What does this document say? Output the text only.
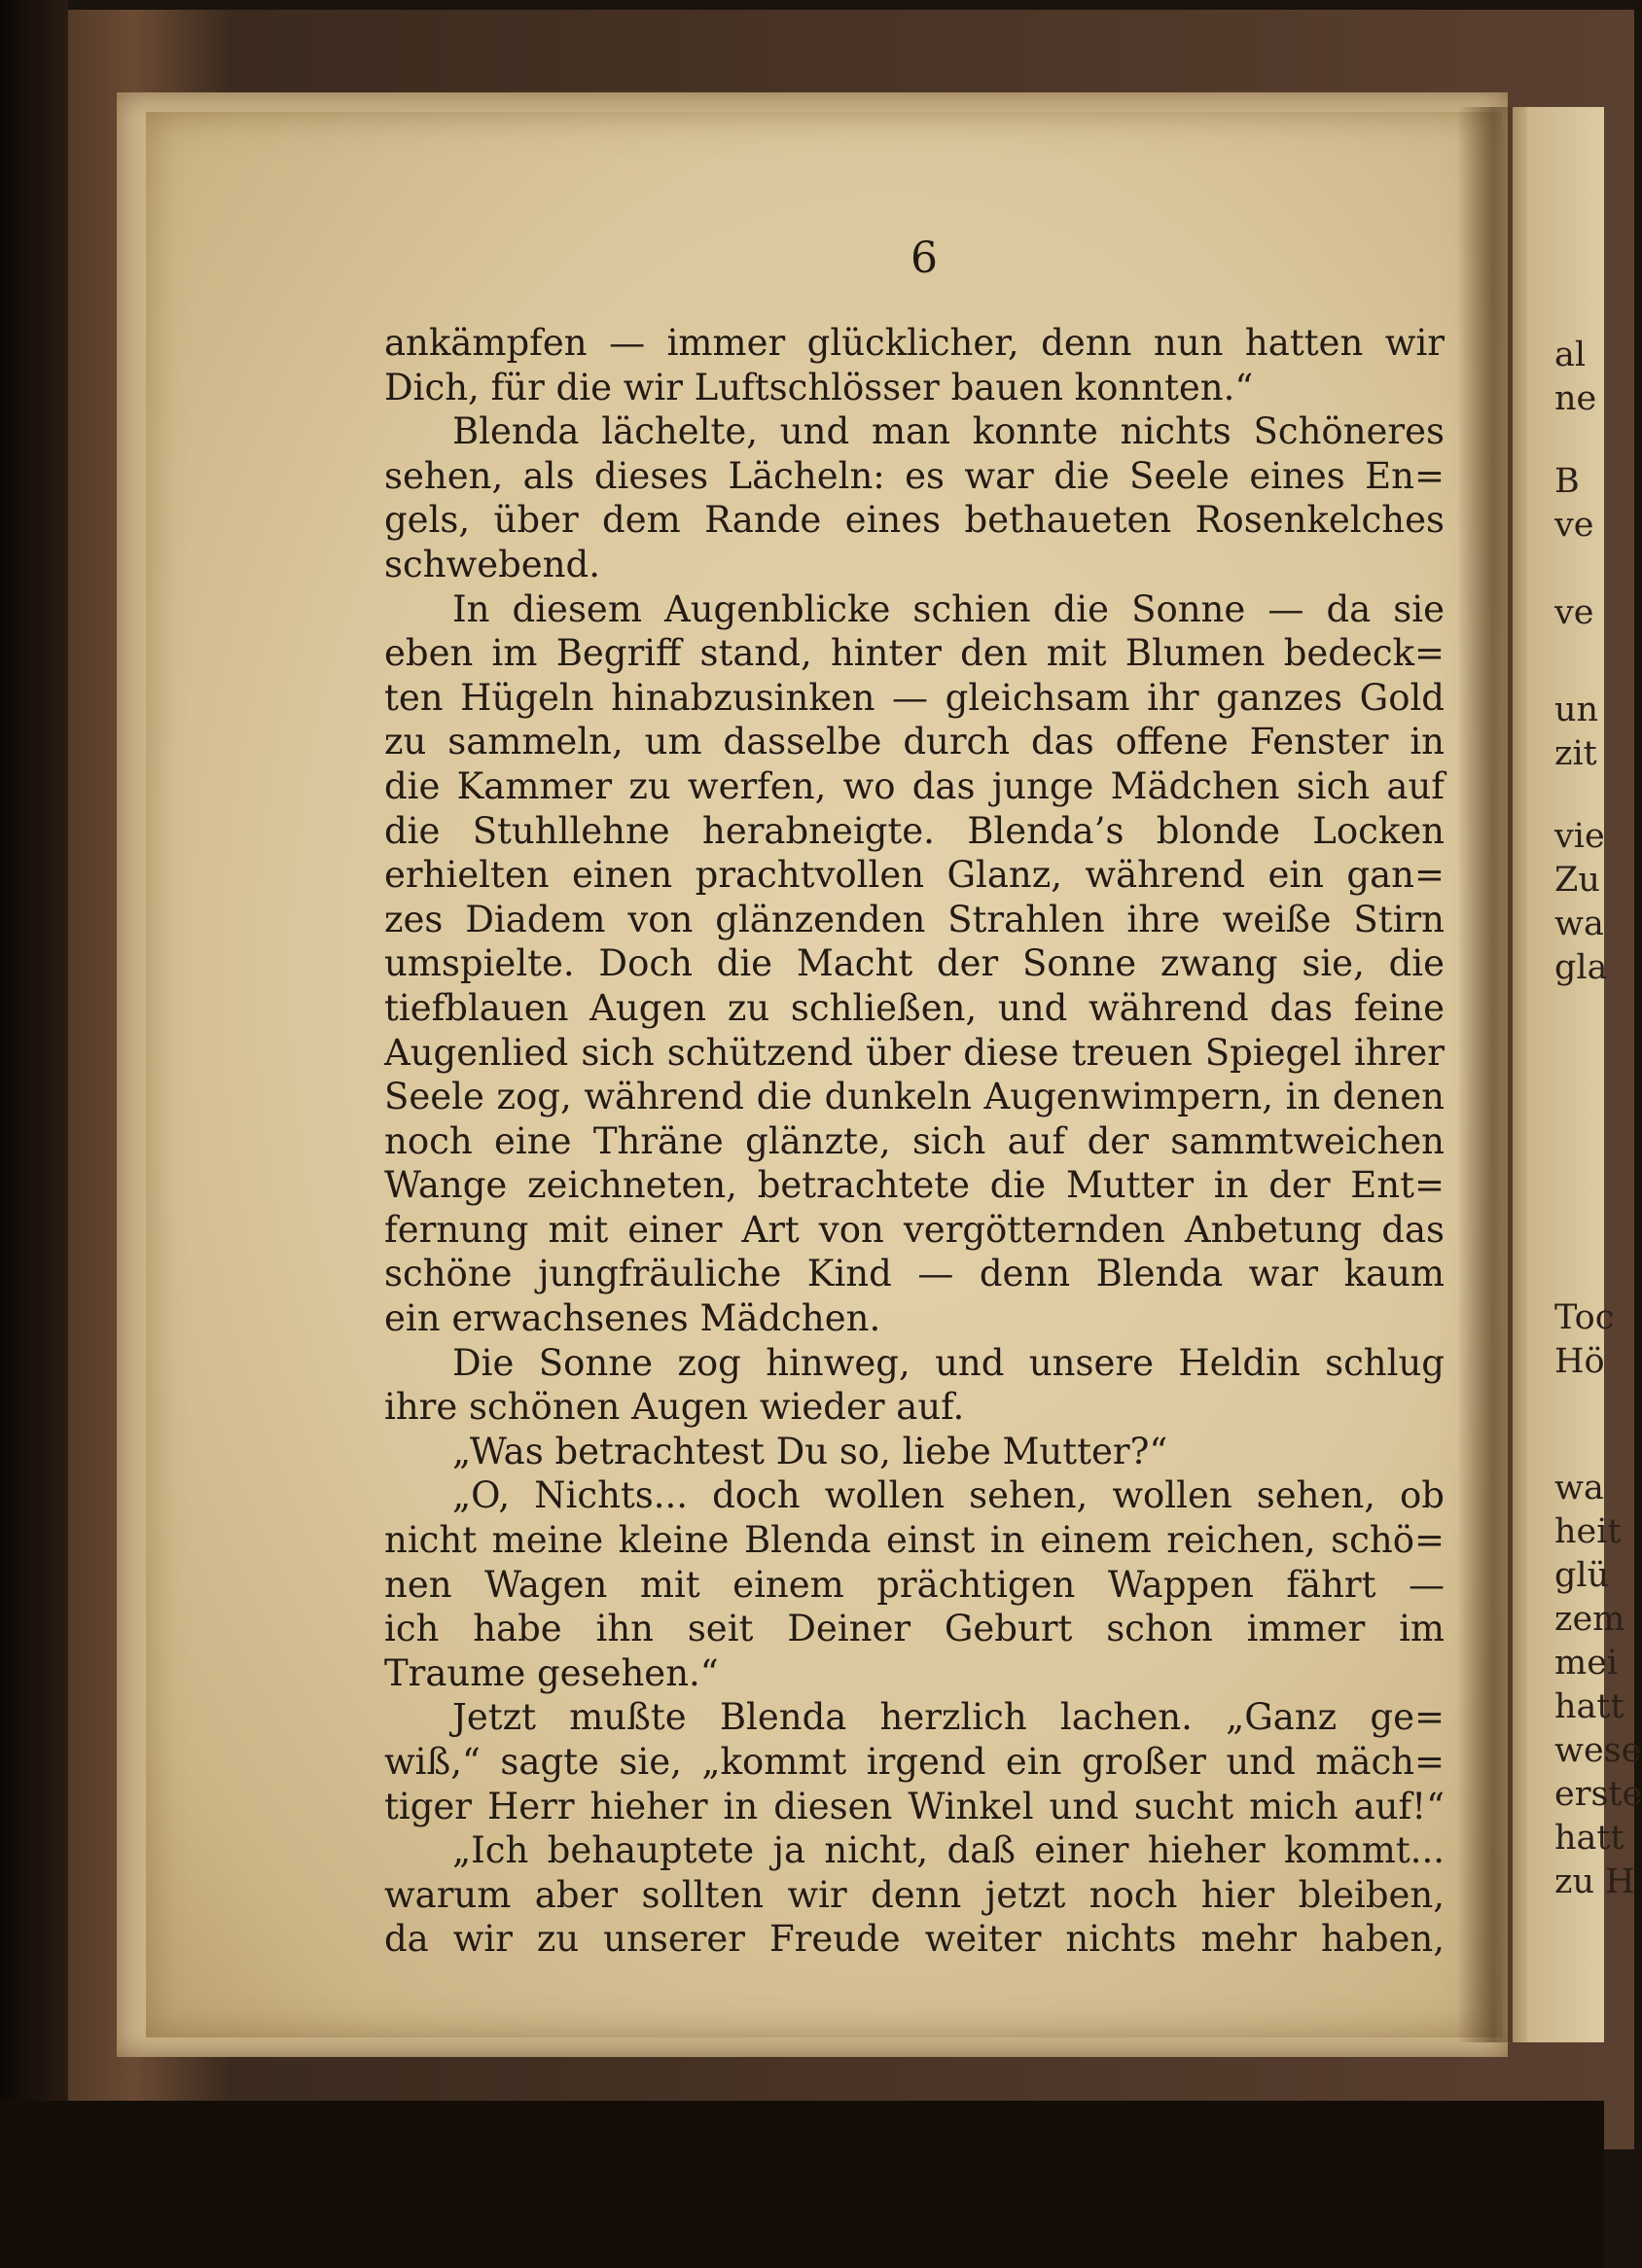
6
ankämpfen — immer glücklicher, denn nun hatten wir
Dich, für die wir Luftschlösser bauen konnten.“
Blenda lächelte, und man konnte nichts Schöneres
sehen, als dieses Lächeln: es war die Seele eines En=
gels, über dem Rande eines bethaueten Rosenkelches
schwebend.
In diesem Augenblicke schien die Sonne — da sie
eben im Begriff stand, hinter den mit Blumen bedeck=
ten Hügeln hinabzusinken — gleichsam ihr ganzes Gold
zu sammeln, um dasselbe durch das offene Fenster in
die Kammer zu werfen, wo das junge Mädchen sich auf
die Stuhllehne herabneigte. Blenda’s blonde Locken
erhielten einen prachtvollen Glanz, während ein gan=
zes Diadem von glänzenden Strahlen ihre weiße Stirn
umspielte. Doch die Macht der Sonne zwang sie, die
tiefblauen Augen zu schließen, und während das feine
Augenlied sich schützend über diese treuen Spiegel ihrer
Seele zog, während die dunkeln Augenwimpern, in denen
noch eine Thräne glänzte, sich auf der sammtweichen
Wange zeichneten, betrachtete die Mutter in der Ent=
fernung mit einer Art von vergötternden Anbetung das
schöne jungfräuliche Kind — denn Blenda war kaum
ein erwachsenes Mädchen.
Die Sonne zog hinweg, und unsere Heldin schlug
ihre schönen Augen wieder auf.
„Was betrachtest Du so, liebe Mutter?“
„O, Nichts... doch wollen sehen, wollen sehen, ob
nicht meine kleine Blenda einst in einem reichen, schö=
nen Wagen mit einem prächtigen Wappen fährt —
ich habe ihn seit Deiner Geburt schon immer im
Traume gesehen.“
Jetzt mußte Blenda herzlich lachen. „Ganz ge=
wiß,“ sagte sie, „kommt irgend ein großer und mäch=
tiger Herr hieher in diesen Winkel und sucht mich auf!“
„Ich behauptete ja nicht, daß einer hieher kommt...
warum aber sollten wir denn jetzt noch hier bleiben,
da wir zu unserer Freude weiter nichts mehr haben,
al
ne
B
ve
ve
un
zit
vie
Zu
wa
gla
Toc
Hö
wa
heit
glü
zem
mei
hatt
wese
erste
hatt
zu H
